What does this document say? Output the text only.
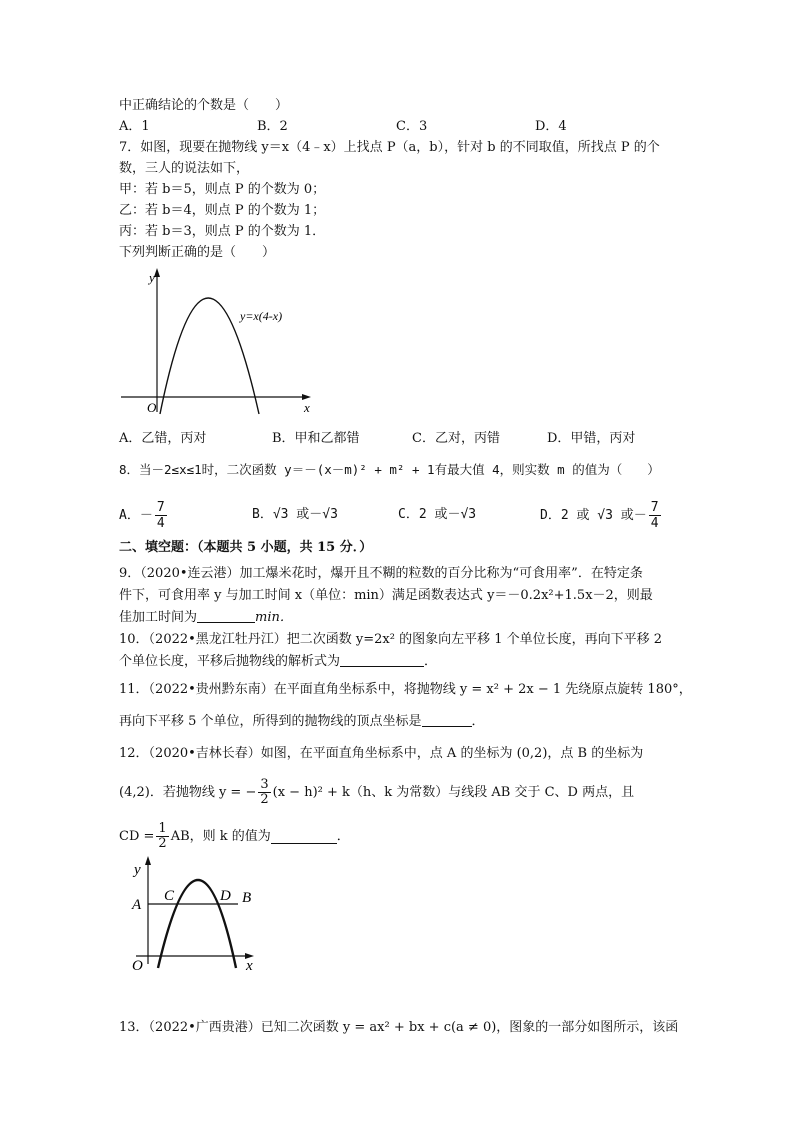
中正确结论的个数是（　　）
A．1	B．2	C．3	D．4
7．如图，现要在抛物线 y＝x（4﹣x）上找点 P（a，b），针对 b 的不同取值，所找点 P 的个
数，三人的说法如下，
甲：若 b＝5，则点 P 的个数为 0；
乙：若 b＝4，则点 P 的个数为 1；
丙：若 b＝3，则点 P 的个数为 1．
下列判断正确的是（　　）
y
x
O
y=x(4-x)
A．乙错，丙对	B．甲和乙都错	C．乙对，丙错	D．甲错，丙对
8．当－2≤x≤1时，二次函数 y＝－(x－m)² + m² + 1有最大值 4，则实数 m 的值为（　　）
A．－ $\frac{7}{4}$	B．√3 或－√3	C．2 或－√3	D．2 或 √3 或－ $\frac{7}{4}$
二、填空题：（本题共 5 小题，共 15 分．）
9．（2020•连云港）加工爆米花时，爆开且不糊的粒数的百分比称为“可食用率”．在特定条
件下，可食用率 y 与加工时间 x（单位：min）满足函数表达式 y＝－0.2x²+1.5x－2，则最
佳加工时间为	min．
10．（2022•黑龙江牡丹江）把二次函数 y=2x² 的图象向左平移 1 个单位长度，再向下平移 2
个单位长度，平移后抛物线的解析式为	．
11．（2022•贵州黔东南）在平面直角坐标系中，将抛物线 y = x² + 2x − 1 先绕原点旋转 180°，
再向下平移 5 个单位，所得到的抛物线的顶点坐标是	．
12．（2020•吉林长春）如图，在平面直角坐标系中，点 A 的坐标为 (0,2)，点 B 的坐标为
(4,2)．若抛物线 y = − $\frac{3}{2} (x - h)^2 + k(h$、k 为常数）与线段 AB 交于 C、D 两点，且
CD = $\frac{1}{2}$ AB，则 k 的值为	．
y
x
O
A	B
C	D
13．（2022•广西贵港）已知二次函数 y = ax² + bx + c(a ≠ 0)，图象的一部分如图所示，该函
